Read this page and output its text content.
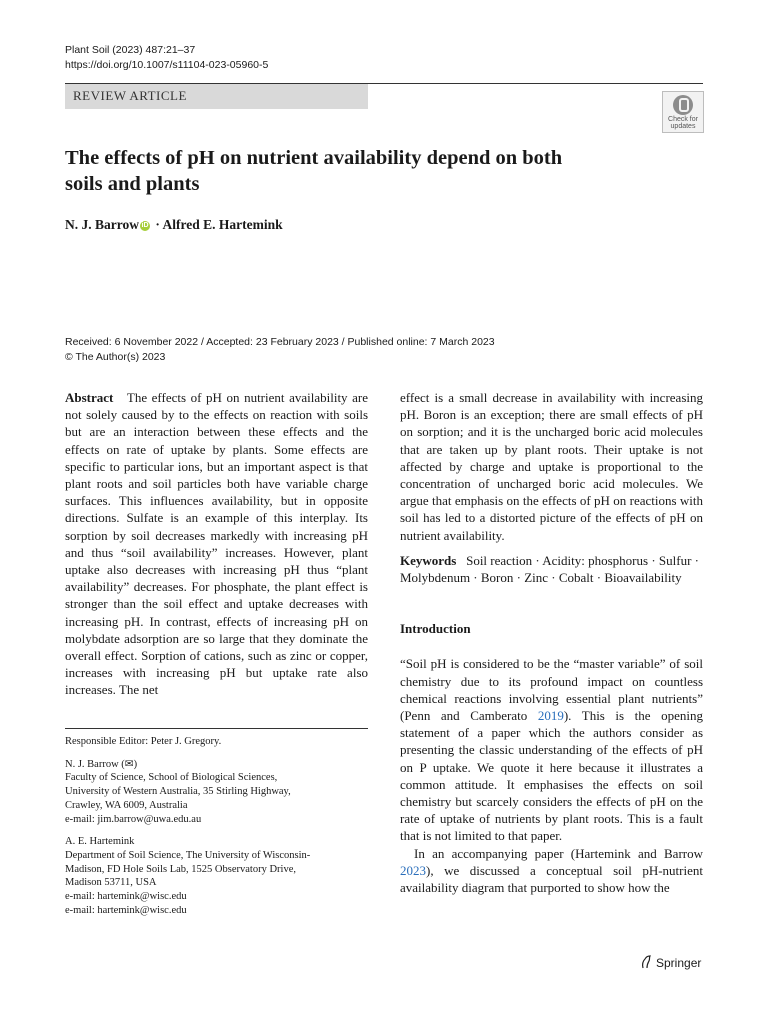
Plant Soil (2023) 487:21–37
https://doi.org/10.1007/s11104-023-05960-5
REVIEW ARTICLE
Check for
updates
The effects of pH on nutrient availability depend on both soils and plants
N. J. Barrow iD · Alfred E. Hartemink
Received: 6 November 2022 / Accepted: 23 February 2023 / Published online: 7 March 2023
© The Author(s) 2023

Abstract The effects of pH on nutrient availability are not solely caused by to the effects on reaction with soils but are an interaction between these effects and the effects on rate of uptake by plants. Some effects are specific to particular ions, but an important aspect is that plant roots and soil particles both have variable charge surfaces. This influences availability, but in opposite directions. Sulfate is an example of this interplay. Its sorption by soil decreases markedly with increasing pH and thus “soil availability” increases. However, plant uptake also decreases with increasing pH thus “plant availability” decreases. For phosphate, the plant effect is stronger than the soil effect and uptake decreases with increasing pH. In contrast, effects of increasing pH on molybdate adsorption are so large that they dominate the overall effect. Sorption of cations, such as zinc or copper, increases with increasing pH but uptake rate also increases. The net

Responsible Editor: Peter J. Gregory.
N. J. Barrow (✉)
Faculty of Science, School of Biological Sciences,
University of Western Australia, 35 Stirling Highway,
Crawley, WA 6009, Australia
e-mail: jim.barrow@uwa.edu.au
A. E. Hartemink
Department of Soil Science, The University of Wisconsin-
Madison, FD Hole Soils Lab, 1525 Observatory Drive,
Madison 53711, USA
e-mail: hartemink@wisc.edu
e-mail: hartemink@wisc.edu

effect is a small decrease in availability with increasing pH. Boron is an exception; there are small effects of pH on sorption; and it is the uncharged boric acid molecules that are taken up by plant roots. Their uptake is not affected by charge and uptake is proportional to the concentration of uncharged boric acid molecules. We argue that emphasis on the effects of pH on reactions with soil has led to a distorted picture of the effects of pH on nutrient availability.

Keywords Soil reaction · Acidity: phosphorus · Sulfur · Molybdenum · Boron · Zinc · Cobalt · Bioavailability

Introduction

“Soil pH is considered to be the “master variable” of soil chemistry due to its profound impact on countless chemical reactions involving essential plant nutrients” (Penn and Camberato 2019). This is the opening statement of a paper which the authors consider as presenting the classic understanding of the effects of pH on P uptake. We quote it here because it illustrates a common attitude. It emphasises the effects on soil chemistry but scarcely considers the effects of pH on the rate of uptake of nutrients by plant roots. This is a fault that is not limited to that paper.

In an accompanying paper (Hartemink and Barrow 2023), we discussed a conceptual soil pH-nutrient availability diagram that purported to show how the

Springer
